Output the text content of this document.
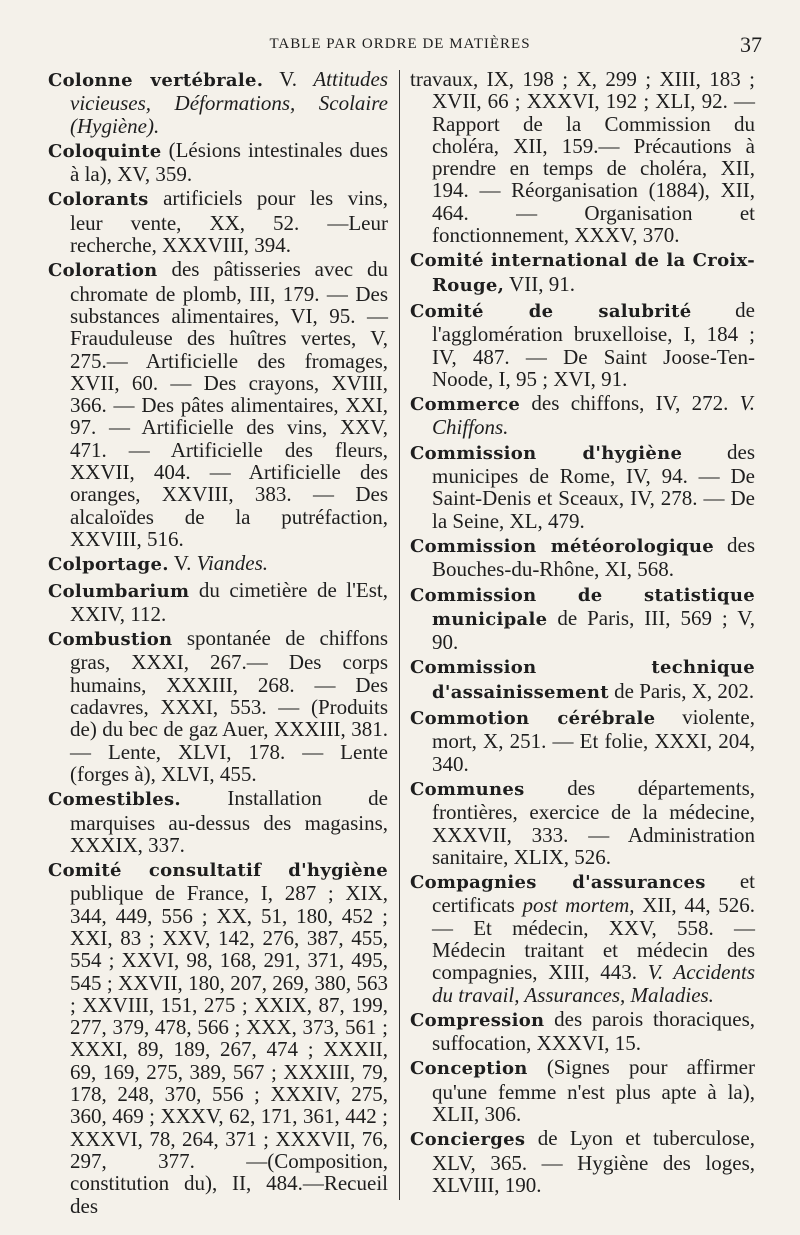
TABLE PAR ORDRE DE MATIÈRES	37

Colonne vertébrale. V. Attitudes vicieuses, Déformations, Scolaire (Hygiène).

Coloquinte (Lésions intestinales dues à la), XV, 359.

Colorants artificiels pour les vins, leur vente, XX, 52. —Leur recherche, XXXVIII, 394.

Coloration des pâtisseries avec du chromate de plomb, III, 179. — Des substances alimentaires, VI, 95. — Frauduleuse des huîtres vertes, V, 275.— Artificielle des fromages, XVII, 60. — Des crayons, XVIII, 366. — Des pâtes alimentaires, XXI, 97. — Artificielle des vins, XXV, 471. — Artificielle des fleurs, XXVII, 404. — Artificielle des oranges, XXVIII, 383. — Des alcaloïdes de la putréfaction, XXVIII, 516.

Colportage. V. Viandes.

Columbarium du cimetière de l'Est, XXIV, 112.

Combustion spontanée de chiffons gras, XXXI, 267.— Des corps humains, XXXIII, 268. — Des cadavres, XXXI, 553. — (Produits de) du bec de gaz Auer, XXXIII, 381. — Lente, XLVI, 178. — Lente (forges à), XLVI, 455.

Comestibles. Installation de marquises au-dessus des magasins, XXXIX, 337.

Comité consultatif d'hygiène publique de France, I, 287 ; XIX, 344, 449, 556 ; XX, 51, 180, 452 ; XXI, 83 ; XXV, 142, 276, 387, 455, 554 ; XXVI, 98, 168, 291, 371, 495, 545 ; XXVII, 180, 207, 269, 380, 563 ; XXVIII, 151, 275 ; XXIX, 87, 199, 277, 379, 478, 566 ; XXX, 373, 561 ; XXXI, 89, 189, 267, 474 ; XXXII, 69, 169, 275, 389, 567 ; XXXIII, 79, 178, 248, 370, 556 ; XXXIV, 275, 360, 469 ; XXXV, 62, 171, 361, 442 ; XXXVI, 78, 264, 371 ; XXXVII, 76, 297, 377. —(Composition, constitution du), II, 484.—Recueil des

travaux, IX, 198 ; X, 299 ; XIII, 183 ; XVII, 66 ; XXXVI, 192 ; XLI, 92. — Rapport de la Commission du choléra, XII, 159.— Précautions à prendre en temps de choléra, XII, 194. — Réorganisation (1884), XII, 464. — Organisation et fonctionnement, XXXV, 370.

Comité international de la Croix-Rouge, VII, 91.

Comité de salubrité de l'agglomération bruxelloise, I, 184 ; IV, 487. — De Saint Joose-Ten-Noode, I, 95 ; XVI, 91.

Commerce des chiffons, IV, 272. V. Chiffons.

Commission d'hygiène des municipes de Rome, IV, 94. — De Saint-Denis et Sceaux, IV, 278. — De la Seine, XL, 479.

Commission météorologique des Bouches-du-Rhône, XI, 568.

Commission de statistique municipale de Paris, III, 569 ; V, 90.

Commission technique d'assainissement de Paris, X, 202.

Commotion cérébrale violente, mort, X, 251. — Et folie, XXXI, 204, 340.

Communes des départements, frontières, exercice de la médecine, XXXVII, 333. — Administration sanitaire, XLIX, 526.

Compagnies d'assurances et certificats post mortem, XII, 44, 526. — Et médecin, XXV, 558. — Médecin traitant et médecin des compagnies, XIII, 443. V. Accidents du travail, Assurances, Maladies.

Compression des parois thoraciques, suffocation, XXXVI, 15.

Conception (Signes pour affirmer qu'une femme n'est plus apte à la), XLII, 306.

Concierges de Lyon et tuberculose, XLV, 365. — Hygiène des loges, XLVIII, 190.
